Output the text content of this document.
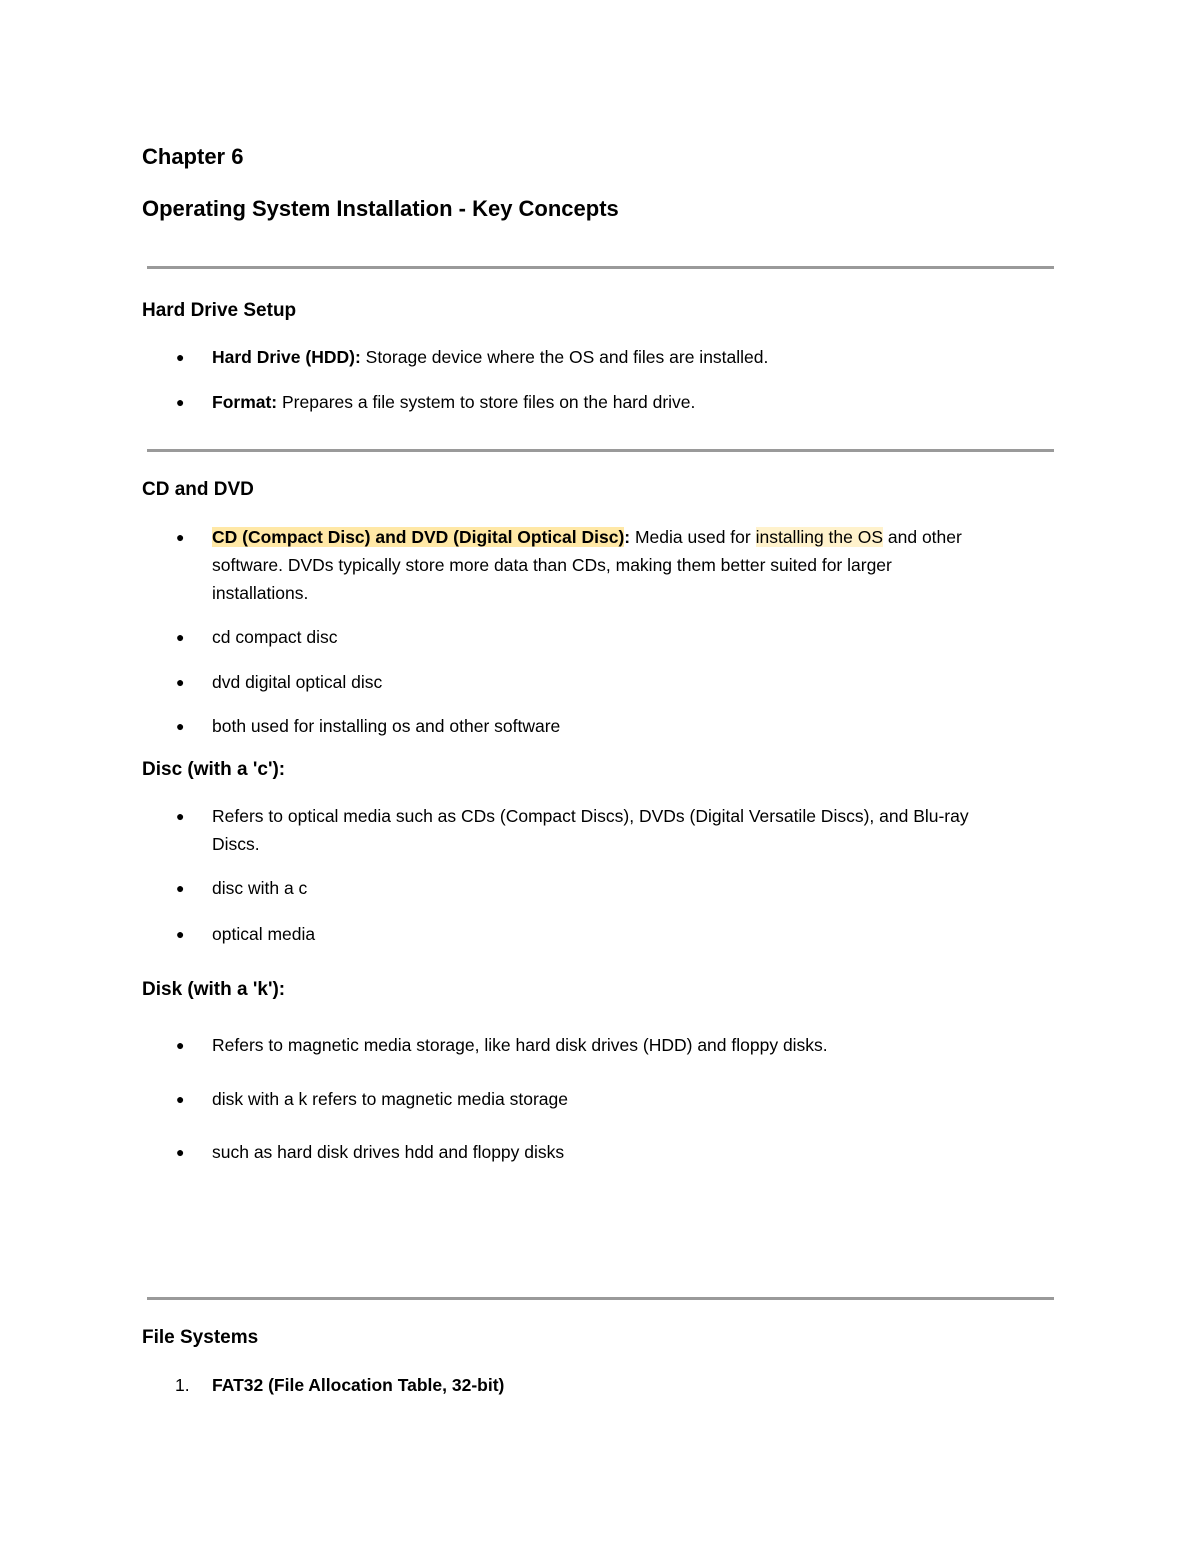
Chapter 6
Operating System Installation - Key Concepts
Hard Drive Setup
● Hard Drive (HDD): Storage device where the OS and files are installed.
● Format: Prepares a file system to store files on the hard drive.
CD and DVD
● CD (Compact Disc) and DVD (Digital Optical Disc): Media used for installing the OS and other
software. DVDs typically store more data than CDs, making them better suited for larger
installations.
● cd compact disc
● dvd digital optical disc
● both used for installing os and other software
Disc (with a 'c'):
● Refers to optical media such as CDs (Compact Discs), DVDs (Digital Versatile Discs), and Blu-ray
Discs.
● disc with a c
● optical media
Disk (with a 'k'):
● Refers to magnetic media storage, like hard disk drives (HDD) and floppy disks.
● disk with a k refers to magnetic media storage
● such as hard disk drives hdd and floppy disks
File Systems
1. FAT32 (File Allocation Table, 32-bit)
